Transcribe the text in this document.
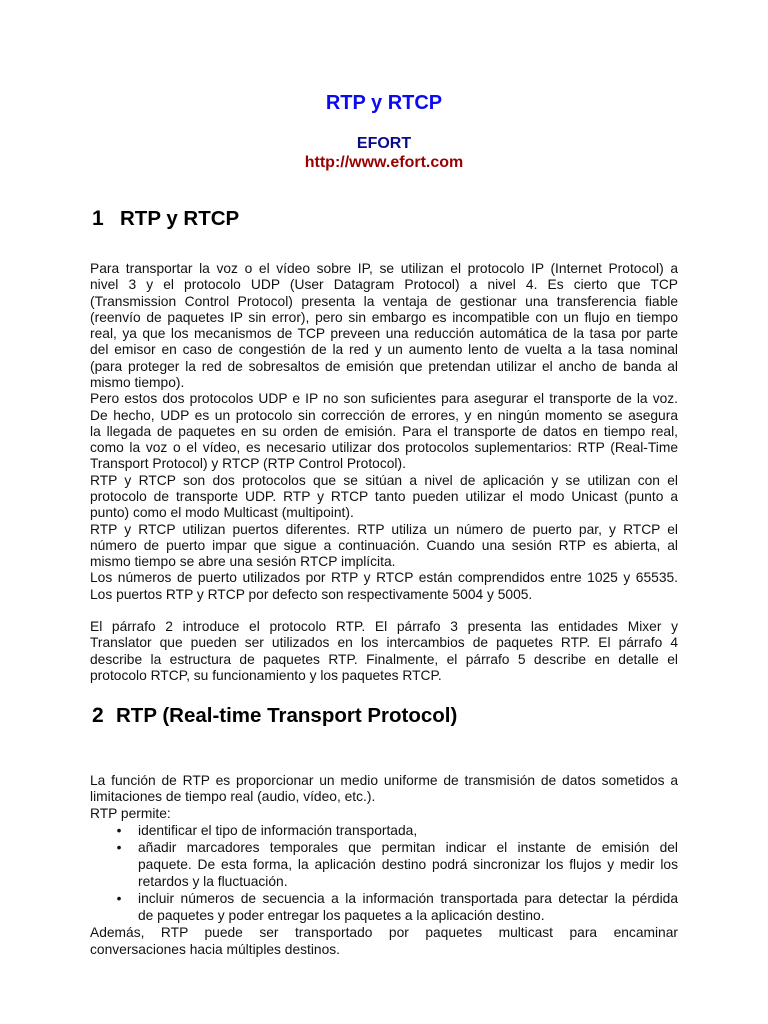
RTP y RTCP
EFORT
http://www.efort.com
1 RTP y RTCP
Para transportar la voz o el vídeo sobre IP, se utilizan el protocolo IP (Internet Protocol) a
nivel 3 y el protocolo UDP (User Datagram Protocol) a nivel 4. Es cierto que TCP
(Transmission Control Protocol) presenta la ventaja de gestionar una transferencia fiable
(reenvío de paquetes IP sin error), pero sin embargo es incompatible con un flujo en tiempo
real, ya que los mecanismos de TCP preveen una reducción automática de la tasa por parte
del emisor en caso de congestión de la red y un aumento lento de vuelta a la tasa nominal
(para proteger la red de sobresaltos de emisión que pretendan utilizar el ancho de banda al
mismo tiempo).
Pero estos dos protocolos UDP e IP no son suficientes para asegurar el transporte de la voz.
De hecho, UDP es un protocolo sin corrección de errores, y en ningún momento se asegura
la llegada de paquetes en su orden de emisión. Para el transporte de datos en tiempo real,
como la voz o el vídeo, es necesario utilizar dos protocolos suplementarios: RTP (Real-Time
Transport Protocol) y RTCP (RTP Control Protocol).
RTP y RTCP son dos protocolos que se sitúan a nivel de aplicación y se utilizan con el
protocolo de transporte UDP. RTP y RTCP tanto pueden utilizar el modo Unicast (punto a
punto) como el modo Multicast (multipoint).
RTP y RTCP utilizan puertos diferentes. RTP utiliza un número de puerto par, y RTCP el
número de puerto impar que sigue a continuación. Cuando una sesión RTP es abierta, al
mismo tiempo se abre una sesión RTCP implícita.
Los números de puerto utilizados por RTP y RTCP están comprendidos entre 1025 y 65535.
Los puertos RTP y RTCP por defecto son respectivamente 5004 y 5005.
El párrafo 2 introduce el protocolo RTP. El párrafo 3 presenta las entidades Mixer y
Translator que pueden ser utilizados en los intercambios de paquetes RTP. El párrafo 4
describe la estructura de paquetes RTP. Finalmente, el párrafo 5 describe en detalle el
protocolo RTCP, su funcionamiento y los paquetes RTCP.
2 RTP (Real-time Transport Protocol)
La función de RTP es proporcionar un medio uniforme de transmisión de datos sometidos a
limitaciones de tiempo real (audio, vídeo, etc.).
RTP permite:
•	identificar el tipo de información transportada,
•	añadir marcadores temporales que permitan indicar el instante de emisión del
paquete. De esta forma, la aplicación destino podrá sincronizar los flujos y medir los
retardos y la fluctuación.
•	incluir números de secuencia a la información transportada para detectar la pérdida
de paquetes y poder entregar los paquetes a la aplicación destino.
Además, RTP puede ser transportado por paquetes multicast para encaminar
conversaciones hacia múltiples destinos.
